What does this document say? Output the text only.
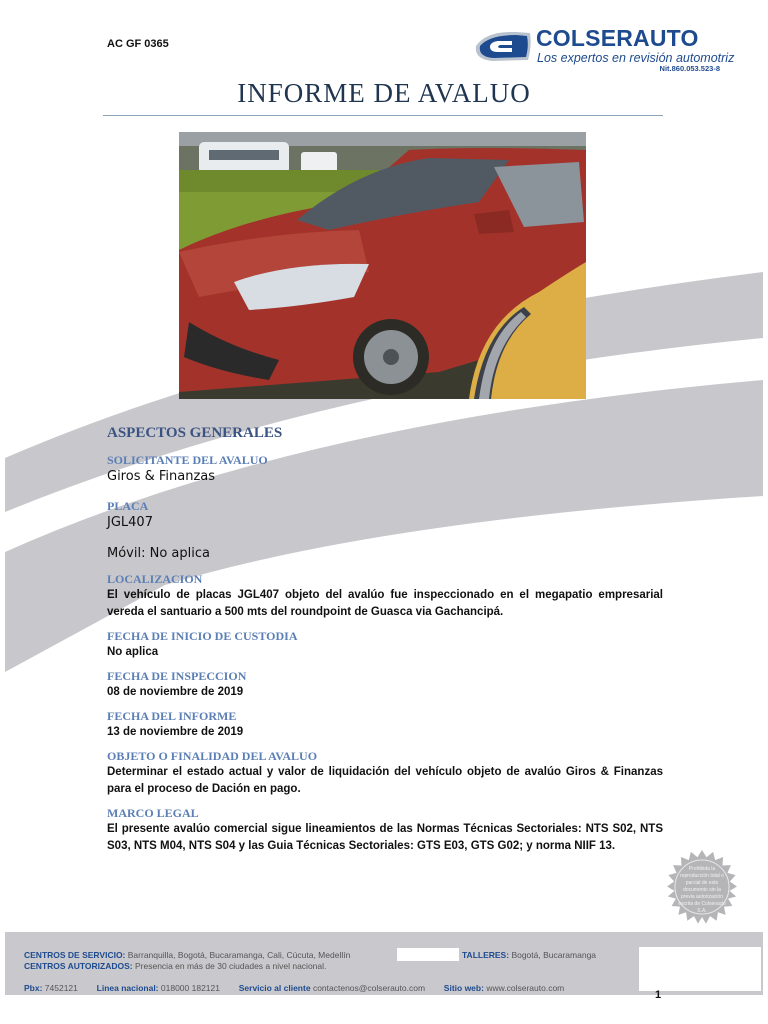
AC GF 0365	COLSERAUTO
Los expertos en revisión automotriz
Nit.860.053.523-8
INFORME DE AVALUO
ASPECTOS GENERALES
SOLICITANTE DEL AVALUO
Giros & Finanzas
PLACA
JGL407
Móvil: No aplica
LOCALIZACION
El vehículo de placas JGL407 objeto del avalúo fue inspeccionado en el megapatio empresarial vereda el santuario a 500 mts del roundpoint de Guasca via Gachancipá.
FECHA DE INICIO DE CUSTODIA
No aplica
FECHA DE INSPECCION
08 de noviembre de 2019
FECHA DEL INFORME
13 de noviembre de 2019
OBJETO O FINALIDAD DEL AVALUO
Determinar el estado actual y valor de liquidación del vehículo objeto de avalúo Giros & Finanzas para el proceso de Dación en pago.
MARCO LEGAL
El presente avalúo comercial sigue lineamientos de las Normas Técnicas Sectoriales: NTS S02, NTS S03, NTS M04, NTS S04 y las Guia Técnicas Sectoriales: GTS E03, GTS G02; y norma NIIF 13.
Prohibida la reproducción total o parcial de este documento sin la previa autorización escrita de Colserauto S.A.
CENTROS DE SERVICIO: Barranquilla, Bogotá, Bucaramanga, Cali, Cúcuta, Medellín	TALLERES: Bogotá, Bucaramanga
CENTROS AUTORIZADOS: Presencia en más de 30 ciudades a nivel nacional.
Pbx: 7452121 Linea nacional: 018000 182121 Servicio al cliente contactenos@colserauto.com Sitio web: www.colserauto.com
1
